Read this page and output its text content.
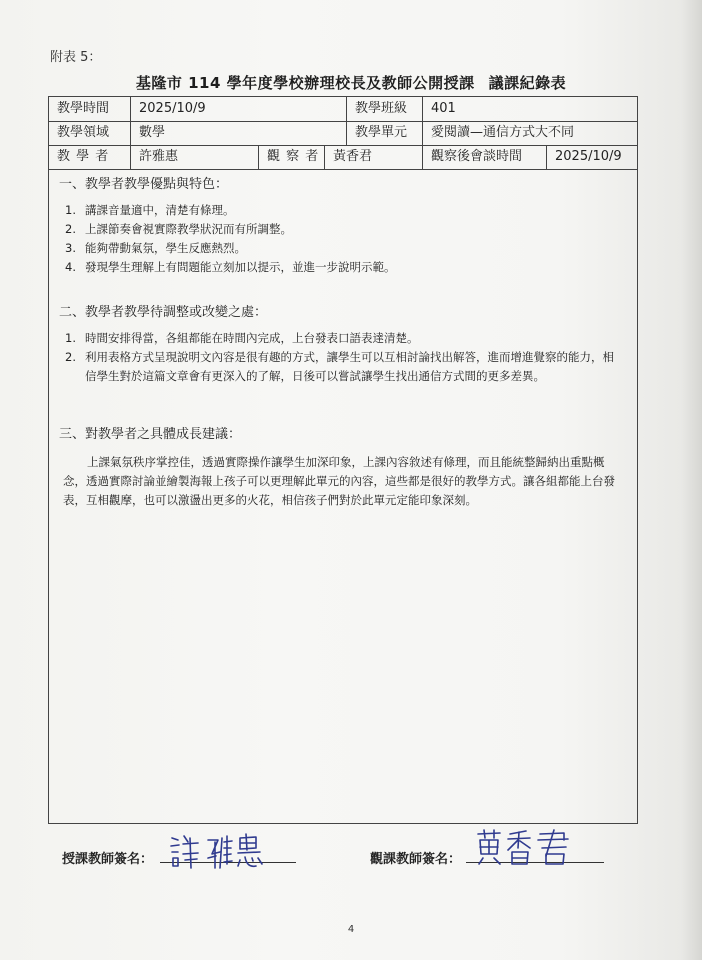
附表 5：
基隆市 114 學年度學校辦理校長及教師公開授課 議課紀錄表
教學時間	2025/10/9	教學班級	401
教學領域	數學	教學單元	愛閱讀—通信方式大不同
教 學 者	許雅惠	觀 察 者	黃香君	觀察後會談時間	2025/10/9
一、教學者教學優點與特色：
1. 講課音量適中，清楚有條理。
2. 上課節奏會視實際教學狀況而有所調整。
3. 能夠帶動氣氛，學生反應熱烈。
4. 發現學生理解上有問題能立刻加以提示，並進一步說明示範。
二、教學者教學待調整或改變之處：
1. 時間安排得當，各組都能在時間內完成，上台發表口語表達清楚。
2. 利用表格方式呈現說明文內容是很有趣的方式，讓學生可以互相討論找出解答，進而增進覺察的能力，相信學生對於這篇文章會有更深入的了解，日後可以嘗試讓學生找出通信方式間的更多差異。
三、對教學者之具體成長建議：
上課氣氛秩序掌控佳，透過實際操作讓學生加深印象，上課內容敘述有條理，而且能統整歸納出重點概念，透過實際討論並繪製海報上孩子可以更理解此單元的內容，這些都是很好的教學方式。讓各組都能上台發表，互相觀摩，也可以激盪出更多的火花，相信孩子們對於此單元定能印象深刻。
授課教師簽名：	觀課教師簽名：
4
